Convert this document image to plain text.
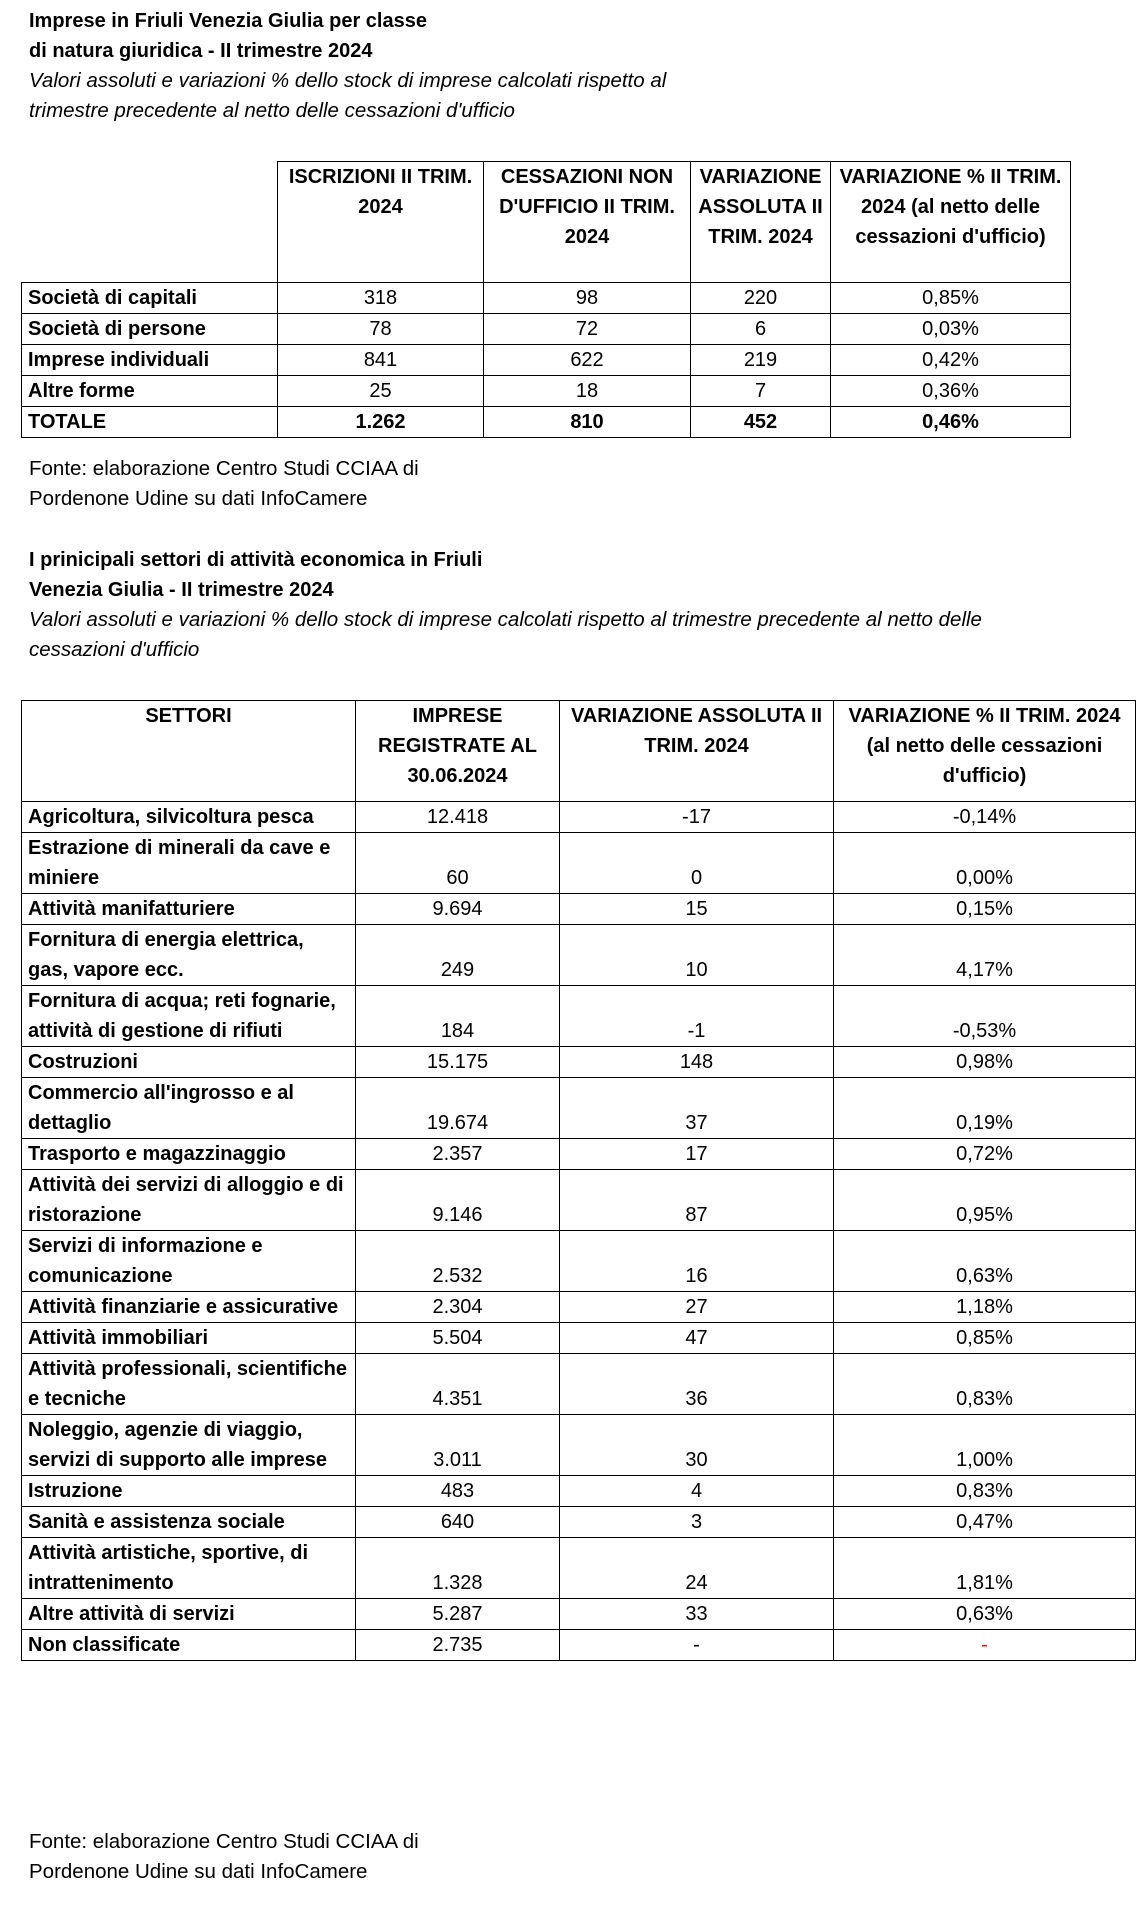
Imprese in Friuli Venezia Giulia per classe

di natura giuridica - II trimestre 2024

Valori assoluti e variazioni % dello stock di imprese calcolati rispetto al

trimestre precedente al netto delle cessazioni d'ufficio

	ISCRIZIONI II TRIM. 2024	CESSAZIONI NON D'UFFICIO II TRIM. 2024	VARIAZIONE ASSOLUTA II TRIM. 2024	VARIAZIONE % II TRIM. 2024 (al netto delle cessazioni d'ufficio)
Società di capitali	318	98	220	0,85%
Società di persone	78	72	6	0,03%
Imprese individuali	841	622	219	0,42%
Altre forme	25	18	7	0,36%
TOTALE	1.262	810	452	0,46%

Fonte: elaborazione Centro Studi CCIAA di

Pordenone Udine su dati InfoCamere

I prinicipali settori di attività economica in Friuli

Venezia Giulia - II trimestre 2024

Valori assoluti e variazioni % dello stock di imprese calcolati rispetto al trimestre precedente al netto delle

cessazioni d'ufficio

SETTORI	IMPRESE REGISTRATE AL 30.06.2024	VARIAZIONE ASSOLUTA II TRIM. 2024	VARIAZIONE % II TRIM. 2024 (al netto delle cessazioni d'ufficio)
Agricoltura, silvicoltura pesca	12.418	-17	-0,14%
Estrazione di minerali da cave e miniere	60	0	0,00%
Attività manifatturiere	9.694	15	0,15%
Fornitura di energia elettrica, gas, vapore ecc.	249	10	4,17%
Fornitura di acqua; reti fognarie, attività di gestione di rifiuti	184	-1	-0,53%
Costruzioni	15.175	148	0,98%
Commercio all'ingrosso e al dettaglio	19.674	37	0,19%
Trasporto e magazzinaggio	2.357	17	0,72%
Attività dei servizi di alloggio e di ristorazione	9.146	87	0,95%
Servizi di informazione e comunicazione	2.532	16	0,63%
Attività finanziarie e assicurative	2.304	27	1,18%
Attività immobiliari	5.504	47	0,85%
Attività professionali, scientifiche e tecniche	4.351	36	0,83%
Noleggio, agenzie di viaggio, servizi di supporto alle imprese	3.011	30	1,00%
Istruzione	483	4	0,83%
Sanità e assistenza sociale	640	3	0,47%
Attività artistiche, sportive, di intrattenimento	1.328	24	1,81%
Altre attività di servizi	5.287	33	0,63%
Non classificate	2.735	-	-

Fonte: elaborazione Centro Studi CCIAA di

Pordenone Udine su dati InfoCamere
